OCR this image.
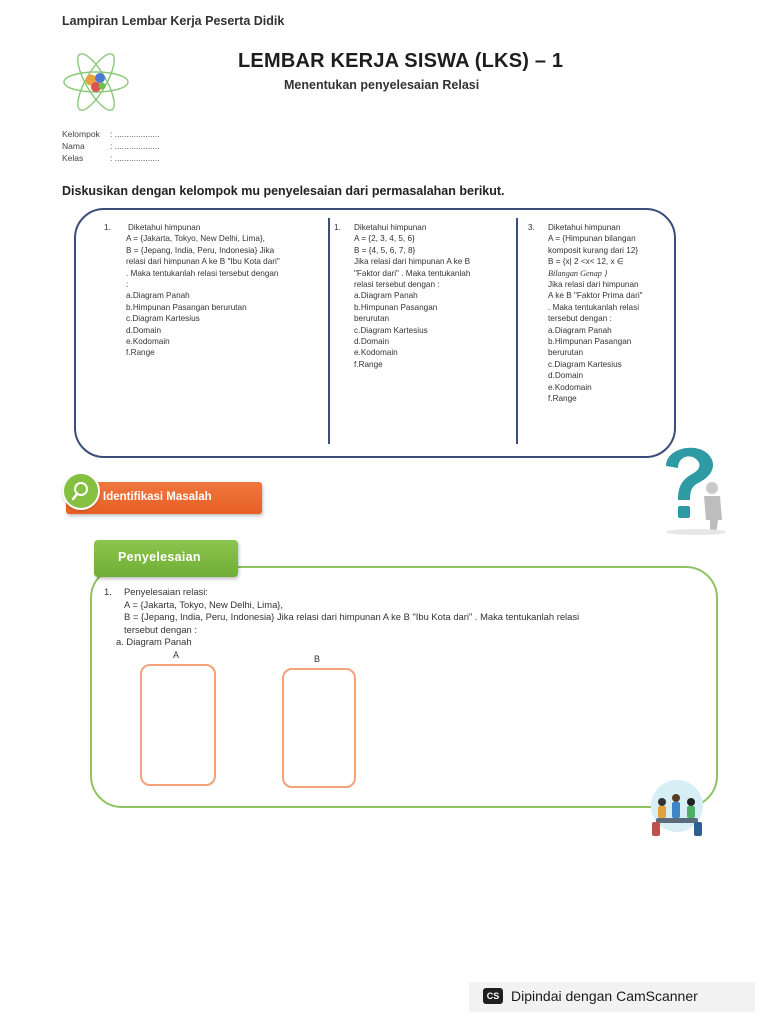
Lampiran Lembar Kerja Peserta Didik
LEMBAR KERJA SISWA (LKS) – 1
Menentukan penyelesaian Relasi
Kelompok : ...................
Nama	: ...................
Kelas	: ...................
Diskusikan dengan kelompok mu penyelesaian dari permasalahan berikut.
1. Diketahui himpunan
A = {Jakarta, Tokyo, New Delhi, Lima},
B = {Jepang, India, Peru, Indonesia} Jika
relasi dari himpunan A ke B "Ibu Kota dari"
. Maka tentukanlah relasi tersebut dengan
:
a.Diagram Panah
b.Himpunan Pasangan berurutan
c.Diagram Kartesius
d.Domain
e.Kodomain
f.Range
1. Diketahui himpunan
A = {2, 3, 4, 5, 6}
B = {4, 5, 6, 7, 8}
Jika relasi dari himpunan A ke B
"Faktor dari" . Maka tentukanlah
relasi tersebut dengan :
a.Diagram Panah
b.Himpunan Pasangan
berurutan
c.Diagram Kartesius
d.Domain
e.Kodomain
f.Range
3. Diketahui himpunan
A = {Himpunan bilangan
komposit kurang dari 12}
B = {x| 2 <x< 12, x ∈
Bilangan Genap }
Jika relasi dari himpunan
A ke B "Faktor Prima dari"
. Maka tentukanlah relasi
tersebut dengan :
a.Diagram Panah
b.Himpunan Pasangan
berurutan
c.Diagram Kartesius
d.Domain
e.Kodomain
f.Range
Identifikasi Masalah
Penyelesaian
1. Penyelesaian relasi:
A = {Jakarta, Tokyo, New Delhi, Lima},
B = {Jepang, India, Peru, Indonesia} Jika relasi dari himpunan A ke B "Ibu Kota dari" . Maka tentukanlah relasi
tersebut dengan :
a. Diagram Panah
A	B
CS Dipindai dengan CamScanner
